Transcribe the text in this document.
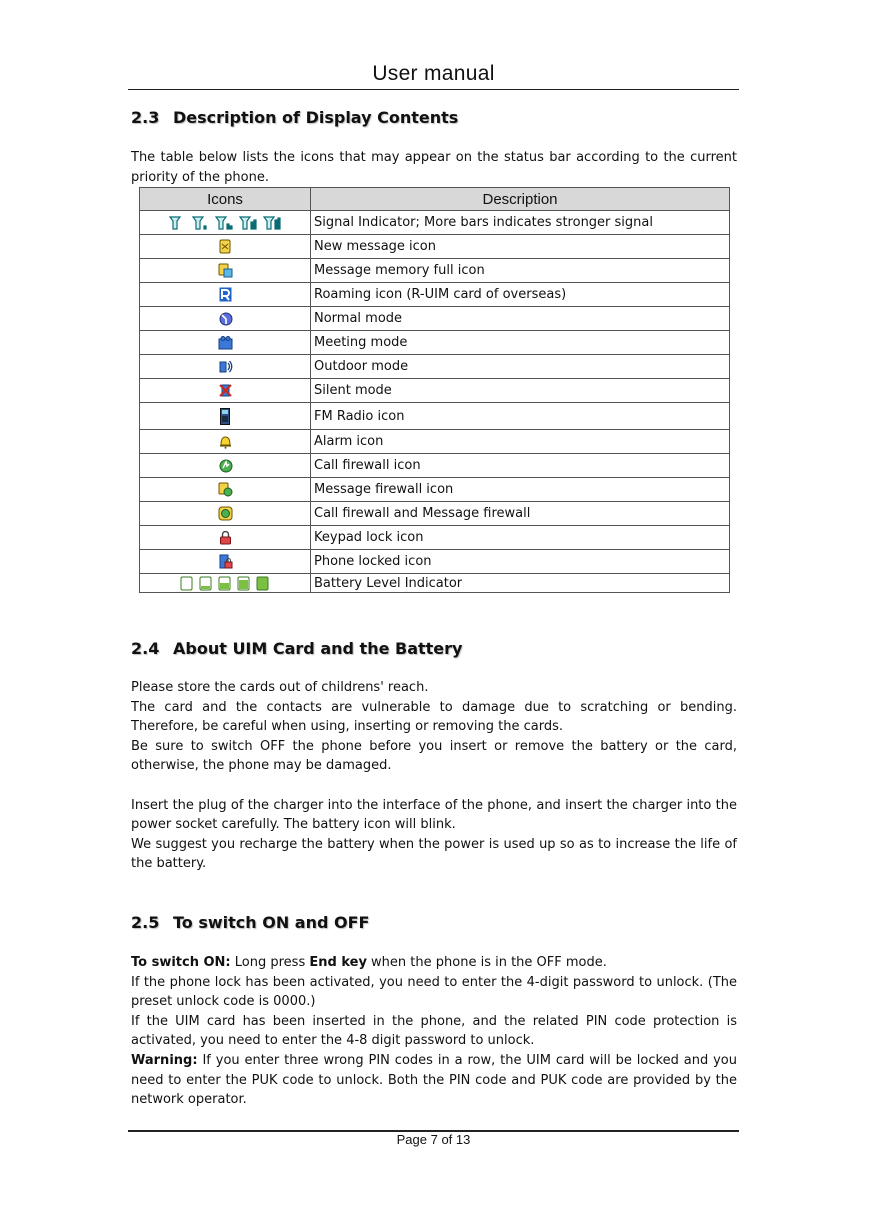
User manual
2.3 Description of Display Contents

The table below lists the icons that may appear on the status bar according to the current priority of the phone.

Icons	Description

	Signal Indicator; More bars indicates stronger signal

	New message icon

	Message memory full icon

	Roaming icon (R-UIM card of overseas)

	Normal mode

	Meeting mode

	Outdoor mode

	Silent mode

	FM Radio icon

	Alarm icon

	Call firewall icon

	Message firewall icon

	Call firewall and Message firewall

	Keypad lock icon

	Phone locked icon

	Battery Level Indicator
2.4 About UIM Card and the Battery

Please store the cards out of childrens' reach.

The card and the contacts are vulnerable to damage due to scratching or bending. Therefore, be careful when using, inserting or removing the cards.

Be sure to switch OFF the phone before you insert or remove the battery or the card, otherwise, the phone may be damaged.

Insert the plug of the charger into the interface of the phone, and insert the charger into the power socket carefully. The battery icon will blink.

We suggest you recharge the battery when the power is used up so as to increase the life of the battery.

2.5 To switch ON and OFF

To switch ON: Long press End key when the phone is in the OFF mode.

If the phone lock has been activated, you need to enter the 4-digit password to unlock. (The preset unlock code is 0000.)

If the UIM card has been inserted in the phone, and the related PIN code protection is activated, you need to enter the 4-8 digit password to unlock.

Warning: If you enter three wrong PIN codes in a row, the UIM card will be locked and you need to enter the PUK code to unlock. Both the PIN code and PUK code are provided by the network operator.

Page 7 of 13
